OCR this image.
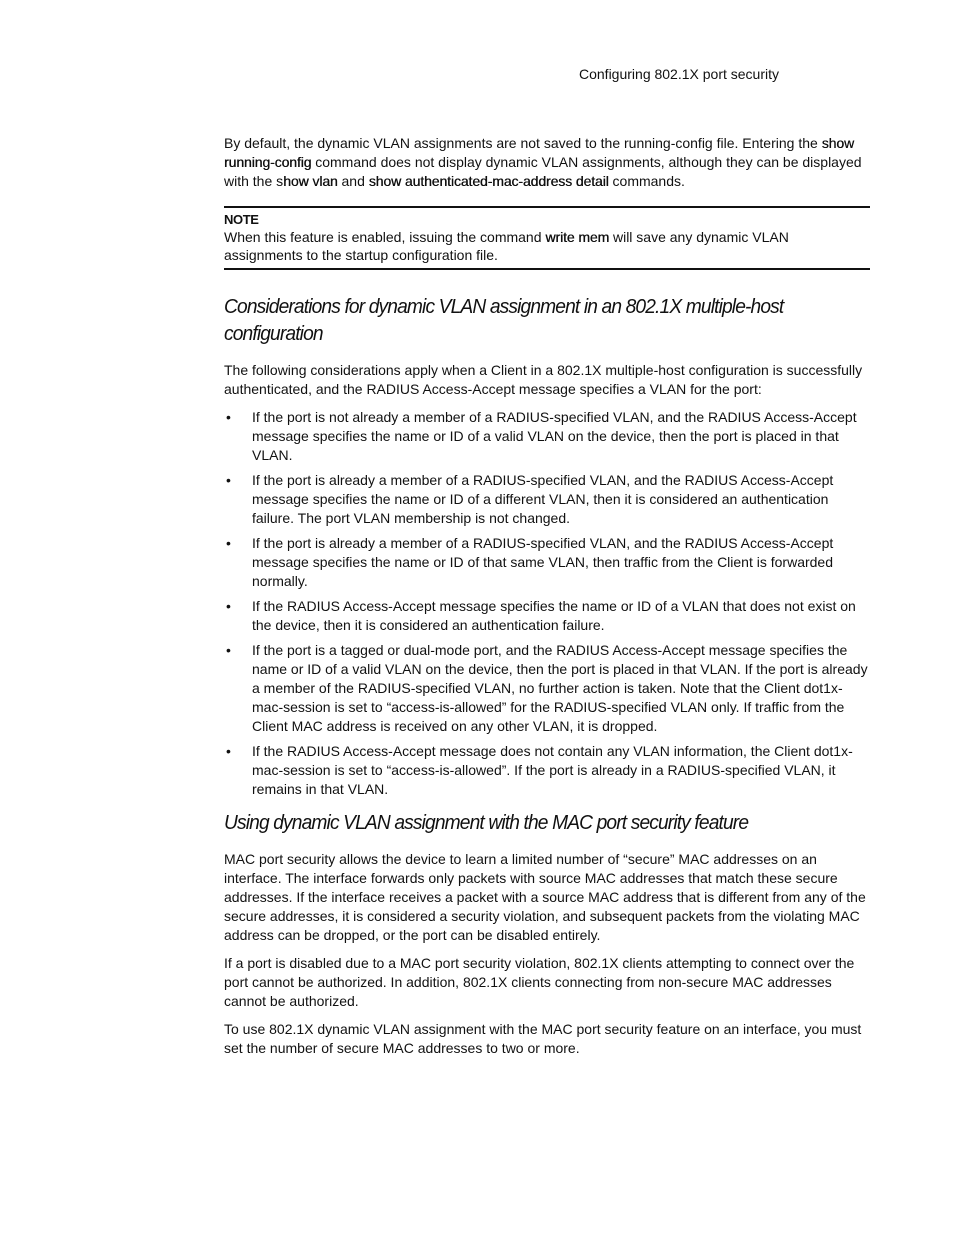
Configuring 802.1X port security

By default, the dynamic VLAN assignments are not saved to the running-config file. Entering the show running-config command does not display dynamic VLAN assignments, although they can be displayed with the show vlan and show authenticated-mac-address detail commands.

NOTE
When this feature is enabled, issuing the command write mem will save any dynamic VLAN assignments to the startup configuration file.
Considerations for dynamic VLAN assignment in an 802.1X multiple-host configuration

The following considerations apply when a Client in a 802.1X multiple-host configuration is successfully authenticated, and the RADIUS Access-Accept message specifies a VLAN for the port:

• If the port is not already a member of a RADIUS-specified VLAN, and the RADIUS Access-Accept message specifies the name or ID of a valid VLAN on the device, then the port is placed in that VLAN.
• If the port is already a member of a RADIUS-specified VLAN, and the RADIUS Access-Accept message specifies the name or ID of a different VLAN, then it is considered an authentication failure. The port VLAN membership is not changed.
• If the port is already a member of a RADIUS-specified VLAN, and the RADIUS Access-Accept message specifies the name or ID of that same VLAN, then traffic from the Client is forwarded normally.
• If the RADIUS Access-Accept message specifies the name or ID of a VLAN that does not exist on the device, then it is considered an authentication failure.
• If the port is a tagged or dual-mode port, and the RADIUS Access-Accept message specifies the name or ID of a valid VLAN on the device, then the port is placed in that VLAN. If the port is already a member of the RADIUS-specified VLAN, no further action is taken. Note that the Client dot1x-mac-session is set to “access-is-allowed” for the RADIUS-specified VLAN only. If traffic from the Client MAC address is received on any other VLAN, it is dropped.
• If the RADIUS Access-Accept message does not contain any VLAN information, the Client dot1x-mac-session is set to “access-is-allowed”. If the port is already in a RADIUS-specified VLAN, it remains in that VLAN.
Using dynamic VLAN assignment with the MAC port security feature

MAC port security allows the device to learn a limited number of “secure” MAC addresses on an interface. The interface forwards only packets with source MAC addresses that match these secure addresses. If the interface receives a packet with a source MAC address that is different from any of the secure addresses, it is considered a security violation, and subsequent packets from the violating MAC address can be dropped, or the port can be disabled entirely.

If a port is disabled due to a MAC port security violation, 802.1X clients attempting to connect over the port cannot be authorized. In addition, 802.1X clients connecting from non-secure MAC addresses cannot be authorized.

To use 802.1X dynamic VLAN assignment with the MAC port security feature on an interface, you must set the number of secure MAC addresses to two or more.
